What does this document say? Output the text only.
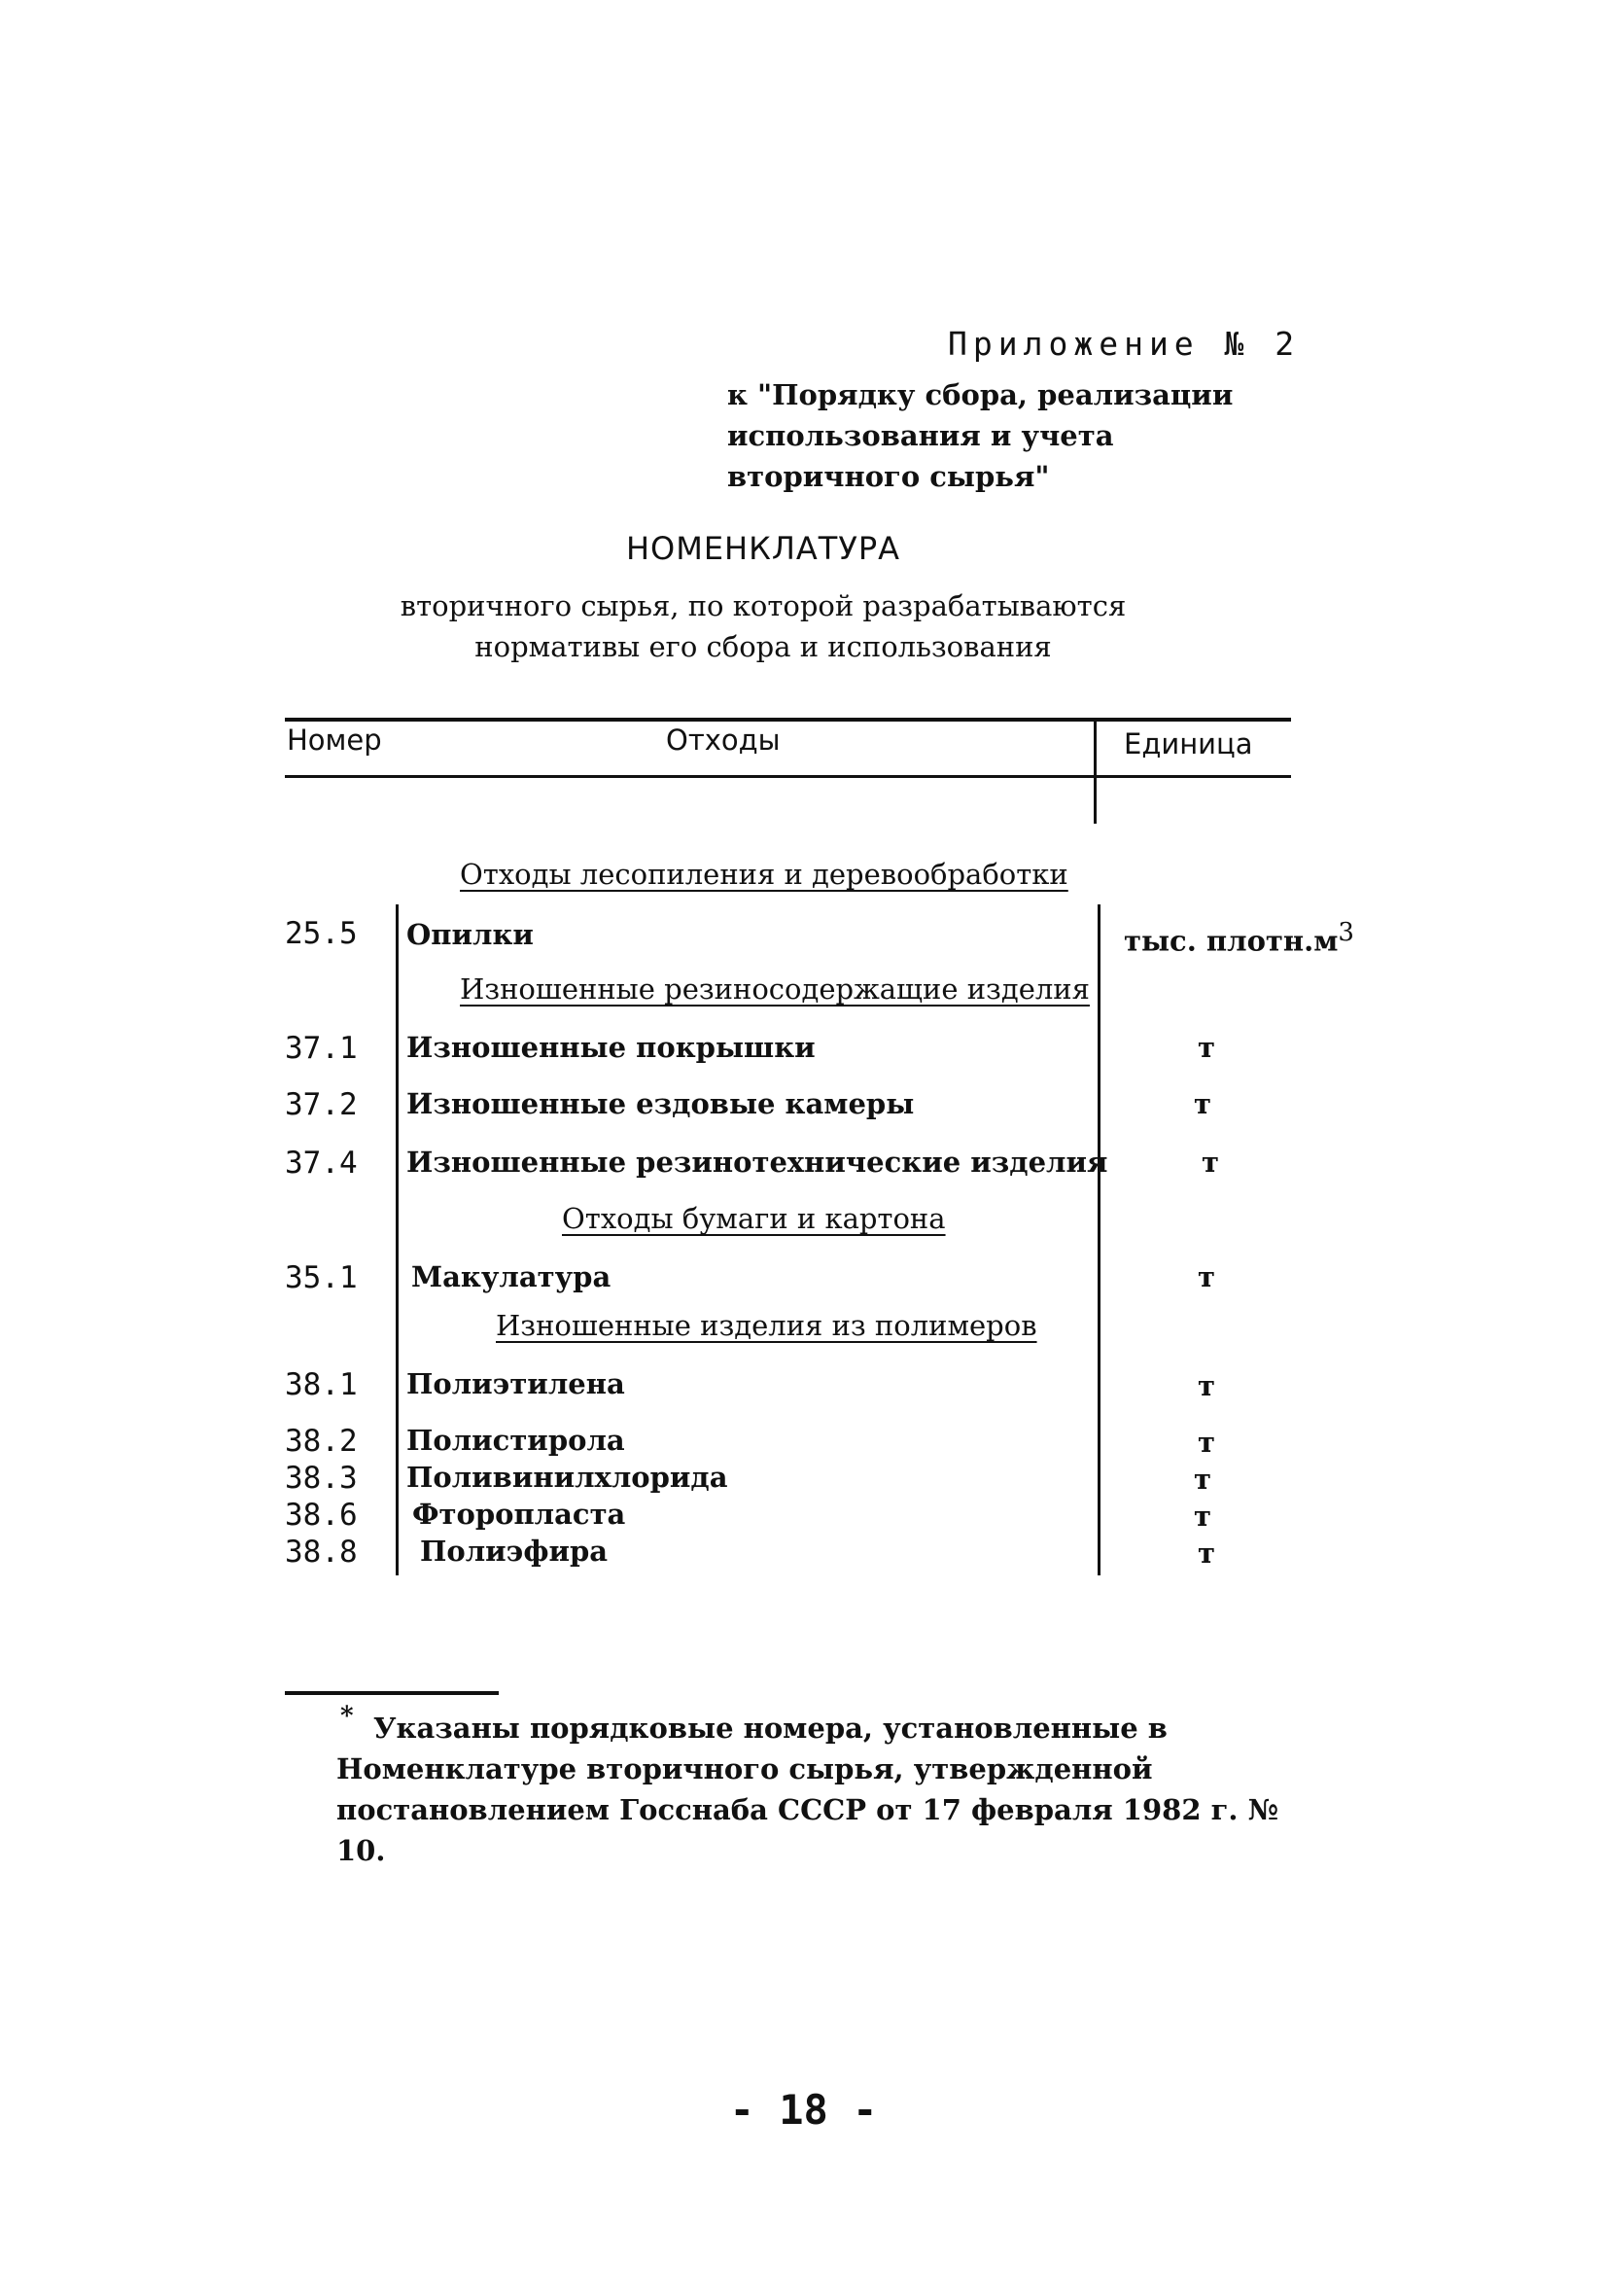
Приложение № 2
к "Порядку сбора, реализации использования и учета вторичного сырья"
НОМЕНКЛАТУРА
вторичного сырья, по которой разрабатываются
нормативы его сбора и использования
Номер	Отходы	Единица
Отходы лесопиления и деревообработки
25.5 Опилки	тыс. $плотн.м^3$
Изношенные резиносодержащие изделия
37.1 Изношенные покрышки	т
37.2 Изношенные ездовые камеры	т
37.4 Изношенные резинотехнические изделия	т
Отходы бумаги и картона
35.1 Макулатура	т
Изношенные изделия из полимеров
38.1 Полиэтилена	т
38.2 Полистирола	т
38.3 Поливинилхлорида	т
38.6 Фторопласта	т
38.8 Полиэфира	т
* Указаны порядковые номера, установленные в Номенклатуре вторичного сырья, утвержденной постановлением Госснаба СССР от 17 февраля 1982 г. № 10.
- 18 -
